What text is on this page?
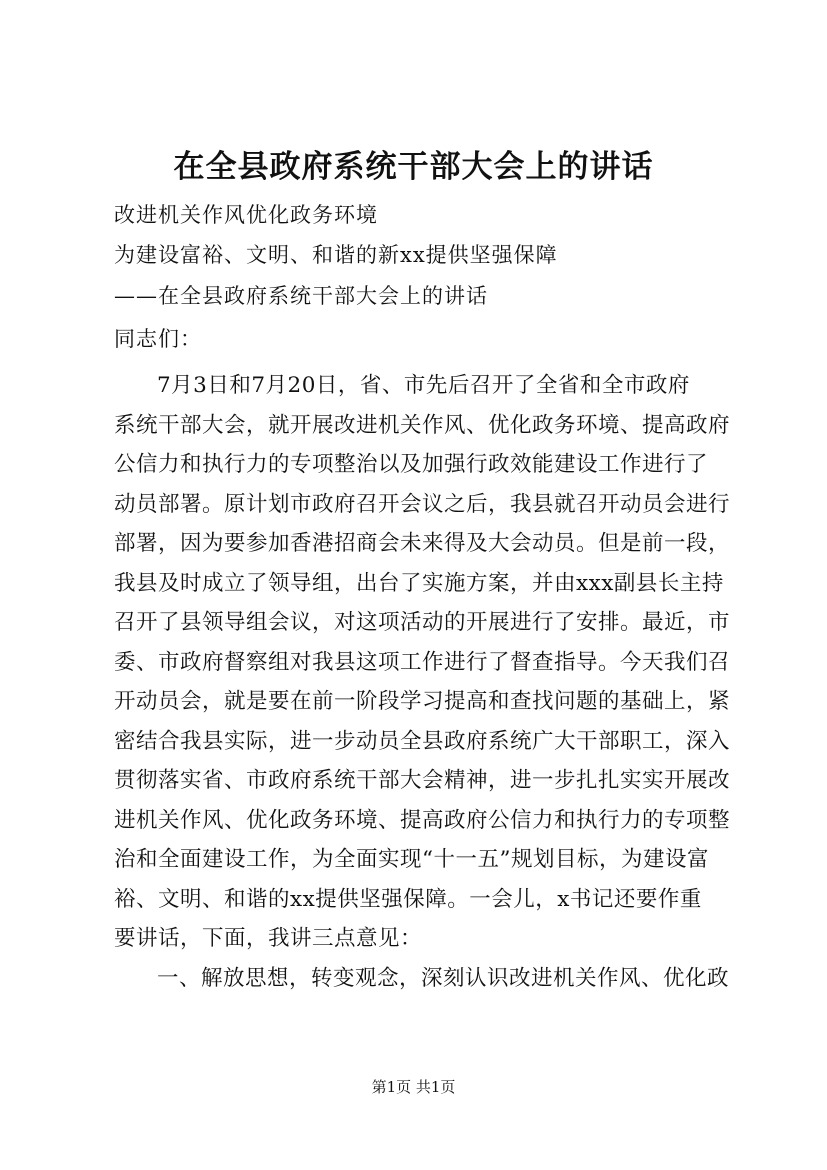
在全县政府系统干部大会上的讲话
改进机关作风优化政务环境
为建设富裕、文明、和谐的新xx提供坚强保障
——在全县政府系统干部大会上的讲话
同志们：
7月3日和7月20日，省、市先后召开了全省和全市政府
系统干部大会，就开展改进机关作风、优化政务环境、提高政府
公信力和执行力的专项整治以及加强行政效能建设工作进行了
动员部署。原计划市政府召开会议之后，我县就召开动员会进行
部署，因为要参加香港招商会未来得及大会动员。但是前一段，
我县及时成立了领导组，出台了实施方案，并由xxx副县长主持
召开了县领导组会议，对这项活动的开展进行了安排。最近，市
委、市政府督察组对我县这项工作进行了督查指导。今天我们召
开动员会，就是要在前一阶段学习提高和查找问题的基础上，紧
密结合我县实际，进一步动员全县政府系统广大干部职工，深入
贯彻落实省、市政府系统干部大会精神，进一步扎扎实实开展改
进机关作风、优化政务环境、提高政府公信力和执行力的专项整
治和全面建设工作，为全面实现“十一五”规划目标，为建设富
裕、文明、和谐的xx提供坚强保障。一会儿，x书记还要作重
要讲话，下面，我讲三点意见：
一、解放思想，转变观念，深刻认识改进机关作风、优化政
第1页 共1页
